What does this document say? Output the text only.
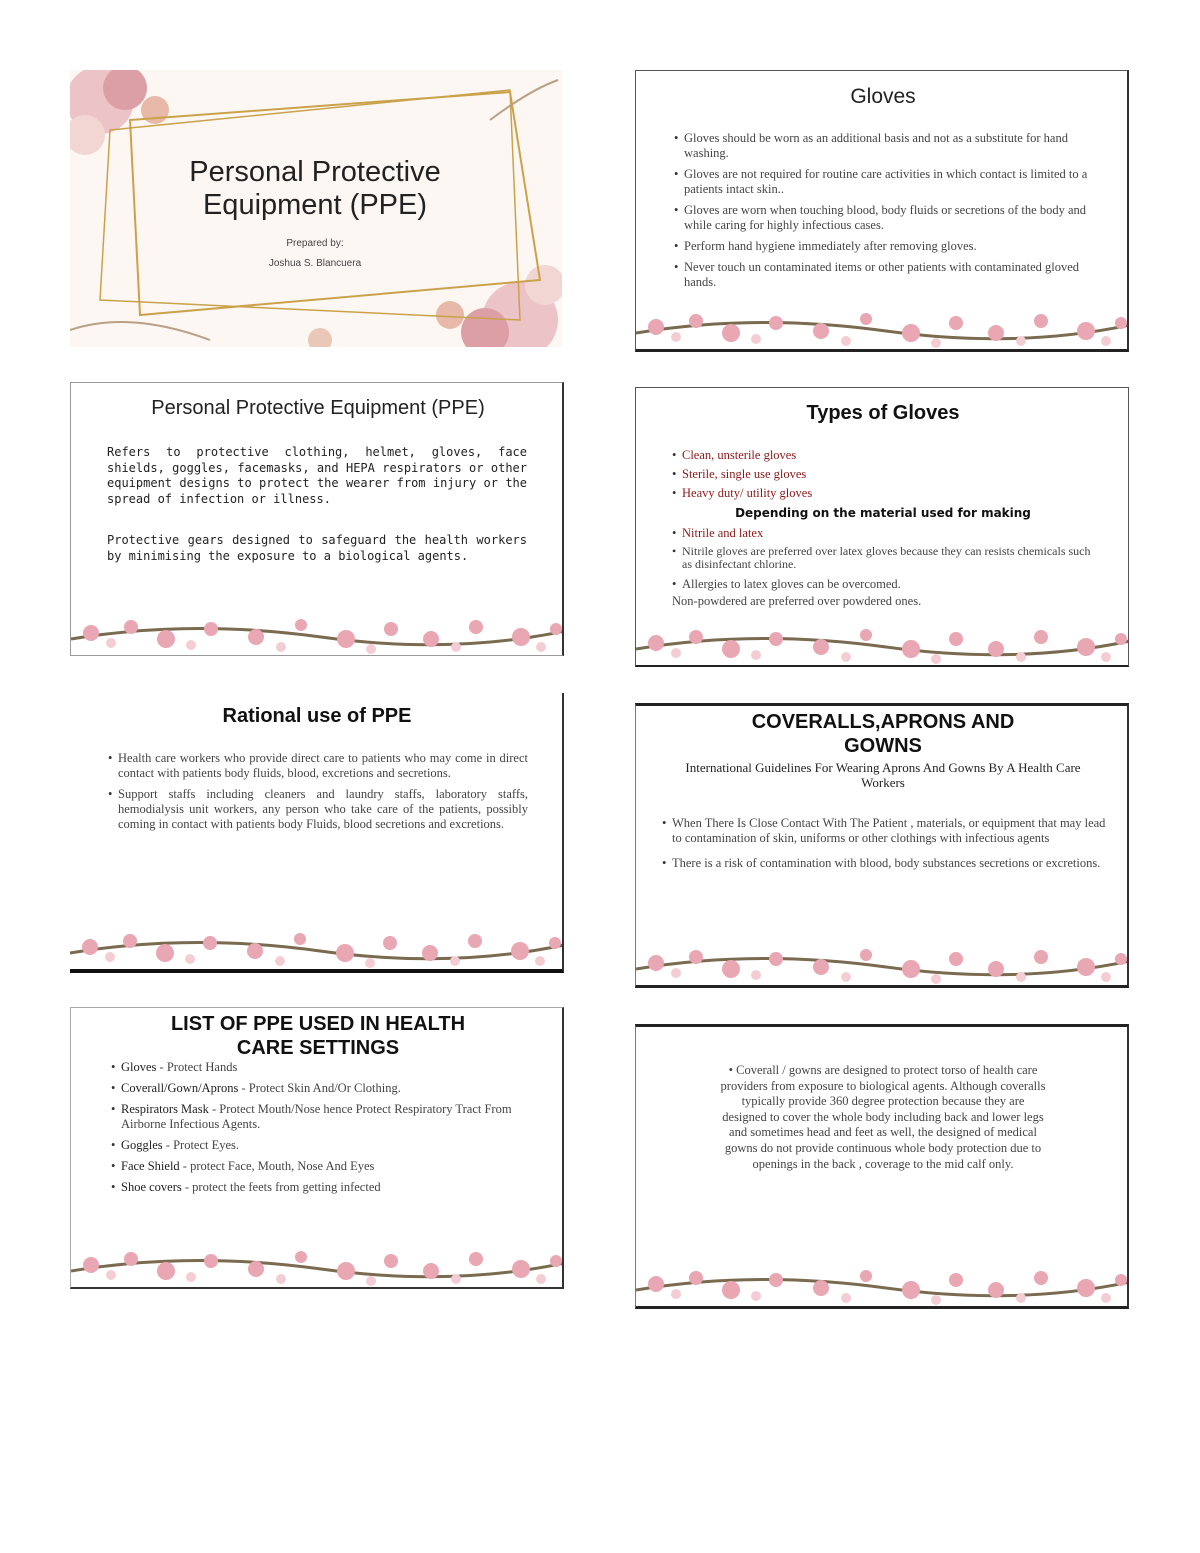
Personal Protective
Equipment (PPE)
Prepared by:
Joshua S. Blancuera
Gloves
• Gloves should be worn as an additional basis and not as a substitute for hand washing.
• Gloves are not required for routine care activities in which contact is limited to a patients intact skin..
• Gloves are worn when touching blood, body fluids or secretions of the body and while caring for highly infectious cases.
• Perform hand hygiene immediately after removing gloves.
• Never touch un contaminated items or other patients with contaminated gloved hands.
Personal Protective Equipment (PPE)
Refers to protective clothing, helmet, gloves, face shields, goggles, facemasks, and HEPA respirators or other equipment designs to protect the wearer from injury or the spread of infection or illness.
Protective gears designed to safeguard the health workers by minimising the exposure to a biological agents.
Types of Gloves
• Clean, unsterile gloves
• Sterile, single use gloves
• Heavy duty/ utility gloves
Depending on the material used for making
• Nitrile and latex
• Nitrile gloves are preferred over latex gloves because they can resists chemicals such as disinfectant chlorine.
• Allergies to latex gloves can be overcomed.
Non-powdered are preferred over powdered ones.
Rational use of PPE
• Health care workers who provide direct care to patients who may come in direct contact with patients body fluids, blood, excretions and secretions.
• Support staffs including cleaners and laundry staffs, laboratory staffs, hemodialysis unit workers, any person who take care of the patients, possibly coming in contact with patients body Fluids, blood secretions and excretions.
COVERALLS,APRONS AND
GOWNS
International Guidelines For Wearing Aprons And Gowns By A Health Care Workers
• When There Is Close Contact With The Patient , materials, or equipment that may lead to contamination of skin, uniforms or other clothings with infectious agents
• There is a risk of contamination with blood, body substances secretions or excretions.
LIST OF PPE USED IN HEALTH
CARE SETTINGS
• Gloves - Protect Hands
• Coverall/Gown/Aprons - Protect Skin And/Or Clothing.
• Respirators Mask - Protect Mouth/Nose hence Protect Respiratory Tract From Airborne Infectious Agents.
• Goggles - Protect Eyes.
• Face Shield - protect Face, Mouth, Nose And Eyes
• Shoe covers - protect the feets from getting infected
• Coverall / gowns are designed to protect torso of health care providers from exposure to biological agents. Although coveralls typically provide 360 degree protection because they are designed to cover the whole body including back and lower legs and sometimes head and feet as well, the designed of medical gowns do not provide continuous whole body protection due to openings in the back , coverage to the mid calf only.
